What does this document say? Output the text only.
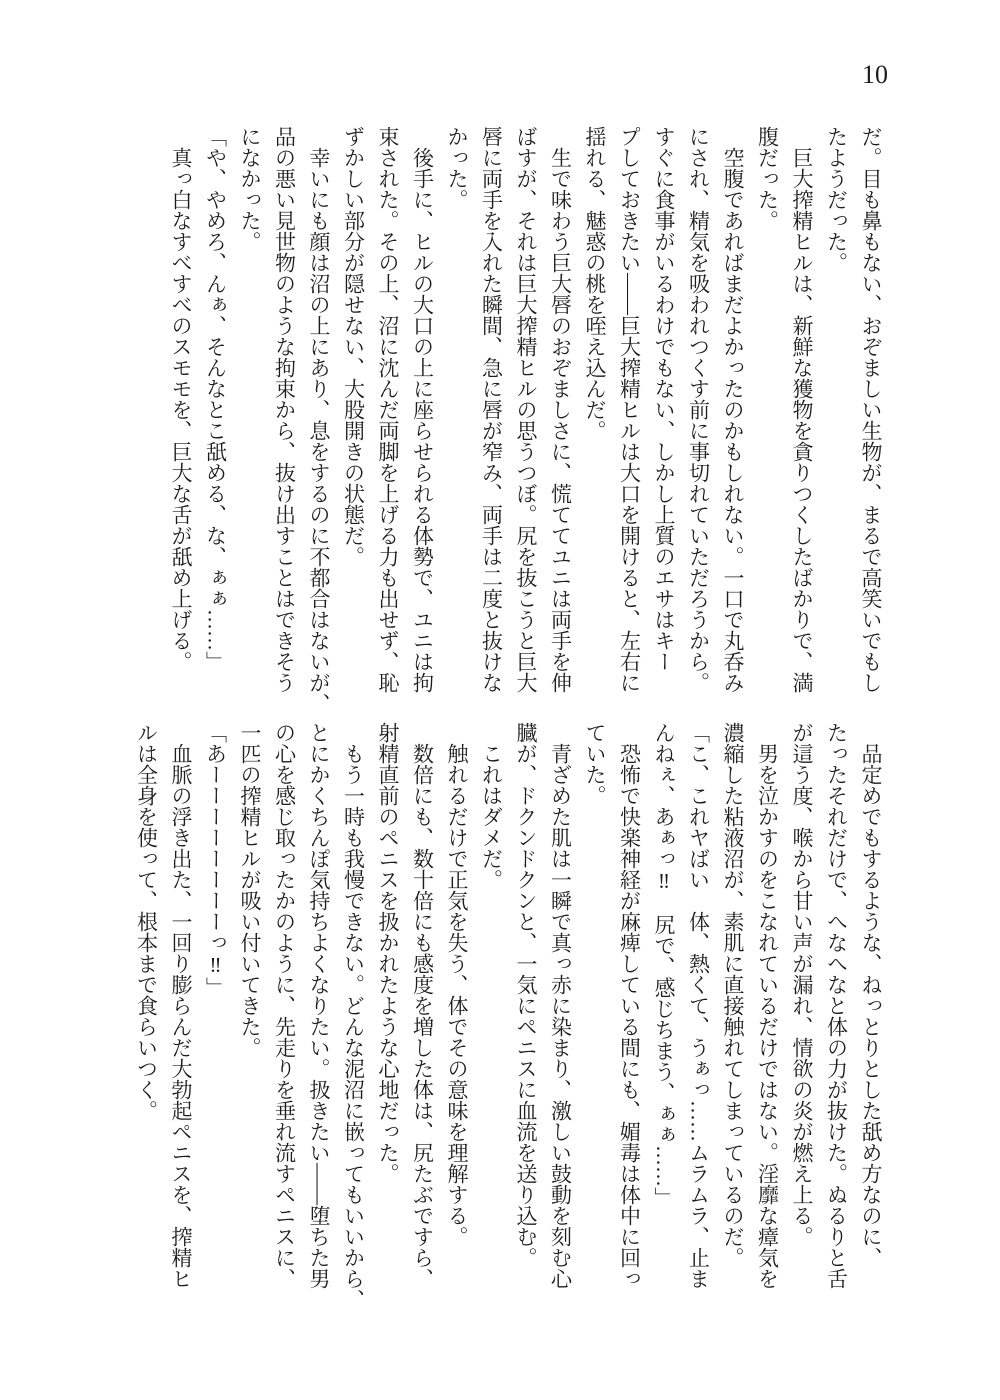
10
だ。目も鼻もない、おぞましい生物が、まるで高笑いでもし
たようだった。
　巨大搾精ヒルは、新鮮な獲物を貪りつくしたばかりで、満
腹だった。
　空腹であればまだよかったのかもしれない。一口で丸呑み
にされ、精気を吸われつくす前に事切れていただろうから。
すぐに食事がいるわけでもない、しかし上質のエサはキー
プしておきたい――巨大搾精ヒルは大口を開けると、左右に
揺れる、魅惑の桃を咥え込んだ。
　生で味わう巨大唇のおぞましさに、慌ててユニは両手を伸
ばすが、それは巨大搾精ヒルの思うつぼ。尻を抜こうと巨大
唇に両手を入れた瞬間、急に唇が窄み、両手は二度と抜けな
かった。
　後手に、ヒルの大口の上に座らせられる体勢で、ユニは拘
束された。その上、沼に沈んだ両脚を上げる力も出せず、恥
ずかしい部分が隠せない、大股開きの状態だ。
　幸いにも顔は沼の上にあり、息をするのに不都合はないが、
品の悪い見世物のような拘束から、抜け出すことはできそう
になかった。
「や、やめろ、んぁ、そんなとこ舐める、な、ぁぁ……」
　真っ白なすべすべのスモモを、巨大な舌が舐め上げる。
　品定めでもするような、ねっとりとした舐め方なのに、
たったそれだけで、へなへなと体の力が抜けた。ぬるりと舌
が這う度、喉から甘い声が漏れ、情欲の炎が燃え上る。
　男を泣かすのをこなれているだけではない。淫靡な瘴気を
濃縮した粘液沼が、素肌に直接触れてしまっているのだ。
「こ、これヤばい　体、熱くて、うぁっ……ムラムラ、止ま
んねぇ、あぁっ‼　尻で、感じちまう、ぁぁ……」
　恐怖で快楽神経が麻痺している間にも、媚毒は体中に回っ
ていた。
　青ざめた肌は一瞬で真っ赤に染まり、激しい鼓動を刻む心
臓が、ドクンドクンと、一気にペニスに血流を送り込む。
　これはダメだ。
　触れるだけで正気を失う、体でその意味を理解する。
　数倍にも、数十倍にも感度を増した体は、尻たぶですら、
射精直前のペニスを扱かれたような心地だった。
　もう一時も我慢できない。どんな泥沼に嵌ってもいいから、
とにかくちんぽ気持ちよくなりたい。扱きたい――堕ちた男
の心を感じ取ったかのように、先走りを垂れ流すペニスに、
一匹の搾精ヒルが吸い付いてきた。
「あーーーーーーーーっ‼」
　血脈の浮き出た、一回り膨らんだ大勃起ペニスを、搾精ヒ
ルは全身を使って、根本まで食らいつく。
